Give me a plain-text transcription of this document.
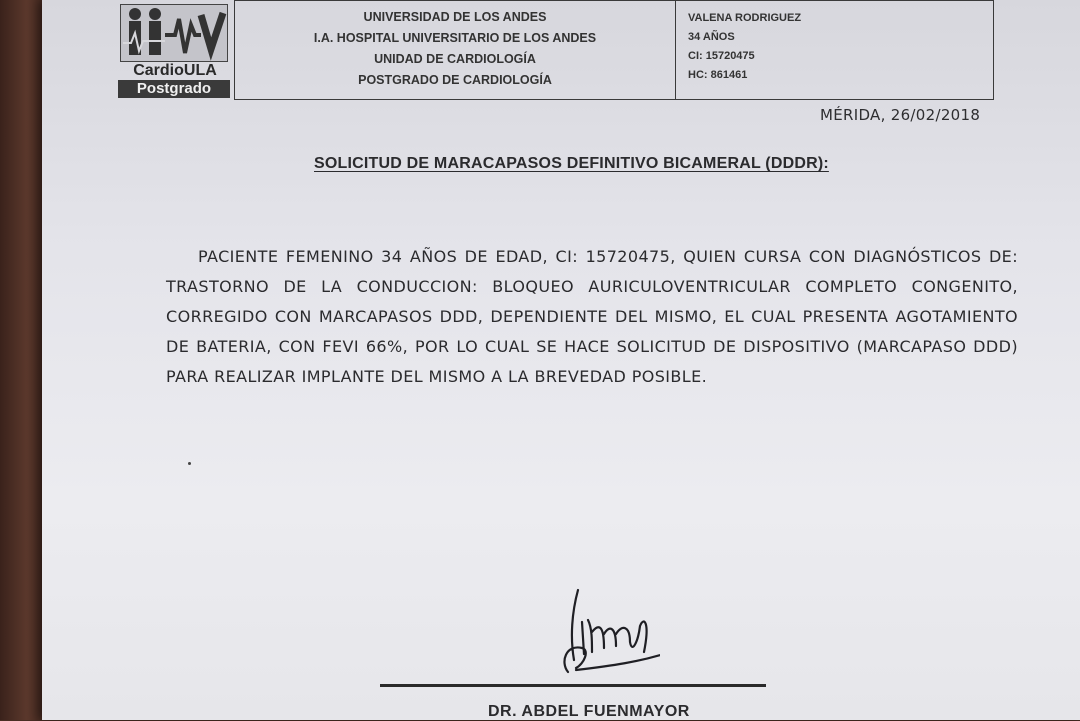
CardioULA
Postgrado
UNIVERSIDAD DE LOS ANDES
I.A. HOSPITAL UNIVERSITARIO DE LOS ANDES
UNIDAD DE CARDIOLOGÍA
POSTGRADO DE CARDIOLOGÍA
VALENA RODRIGUEZ
34 AÑOS
CI: 15720475
HC: 861461
MÉRIDA, 26/02/2018
SOLICITUD DE MARACAPASOS DEFINITIVO BICAMERAL (DDDR):
PACIENTE FEMENINO 34 AÑOS DE EDAD, CI: 15720475, QUIEN CURSA CON DIAGNÓSTICOS DE: TRASTORNO DE LA CONDUCCION: BLOQUEO AURICULOVENTRICULAR COMPLETO CONGENITO, CORREGIDO CON MARCAPASOS DDD, DEPENDIENTE DEL MISMO, EL CUAL PRESENTA AGOTAMIENTO DE BATERIA, CON FEVI 66%, POR LO CUAL SE HACE SOLICITUD DE DISPOSITIVO (MARCAPASO DDD) PARA REALIZAR IMPLANTE DEL MISMO A LA BREVEDAD POSIBLE.
DR. ABDEL FUENMAYOR
